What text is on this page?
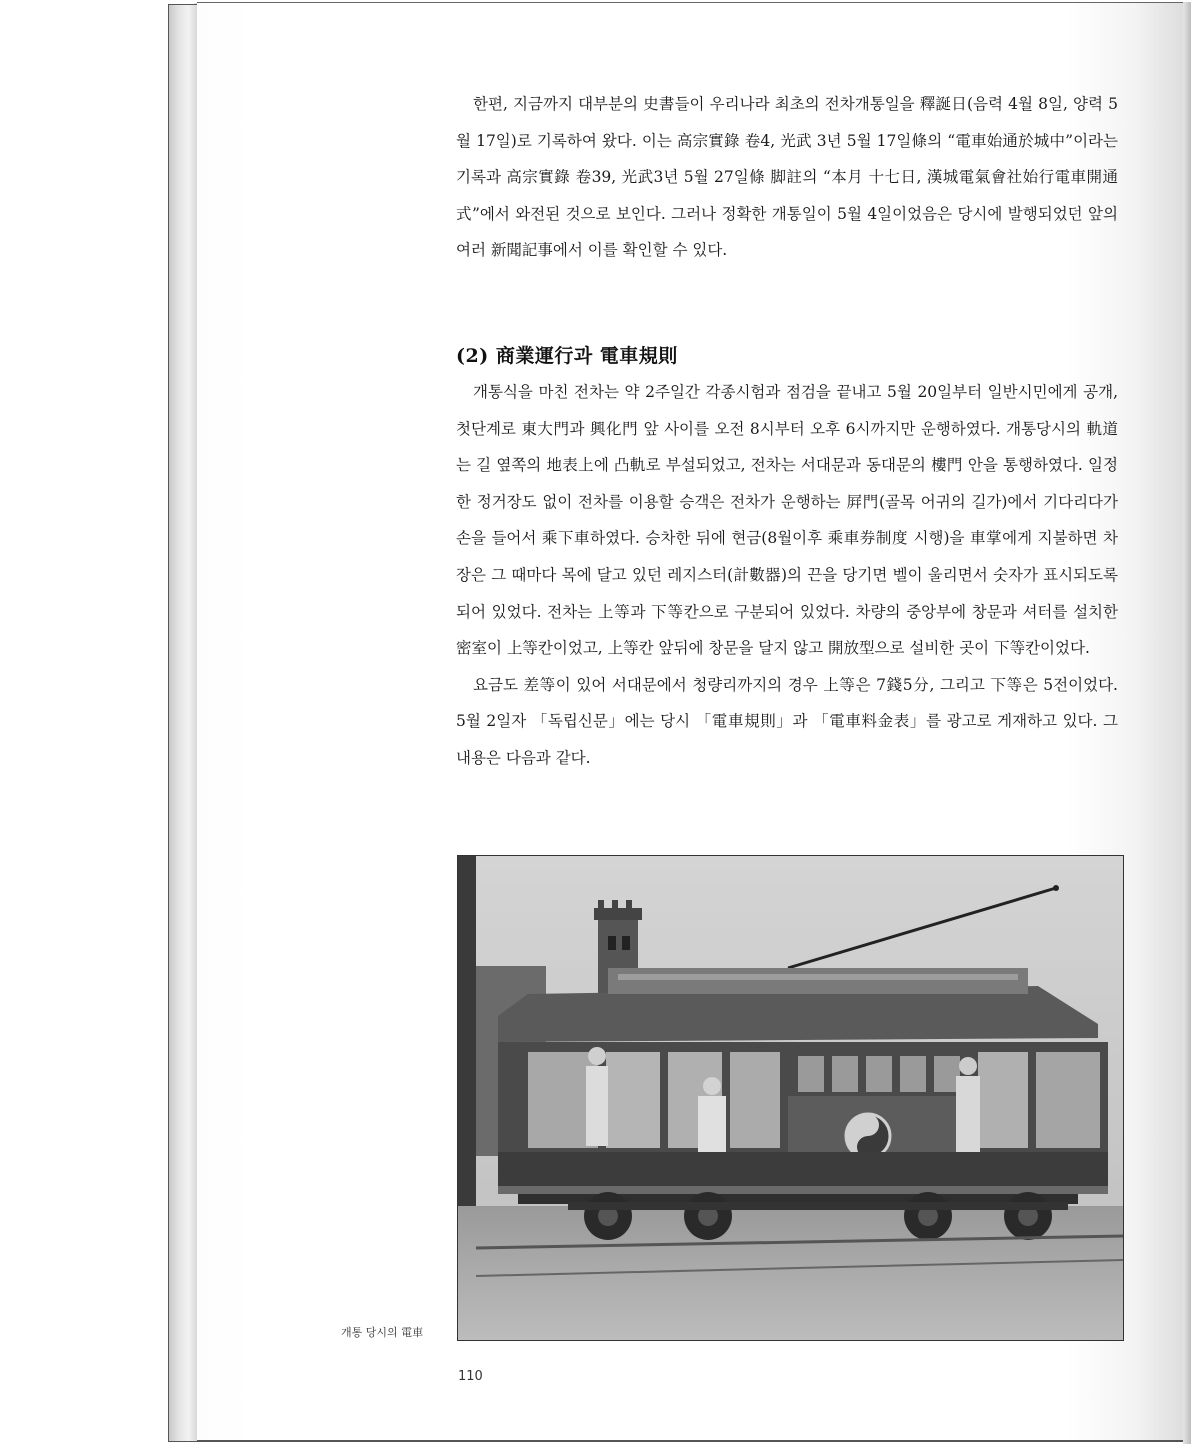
한편, 지금까지 대부분의 史書들이 우리나라 최초의 전차개통일을 釋誕日(음력 4월 8일, 양력 5월 17일)로 기록하여 왔다. 이는 高宗實錄 卷4, 光武 3년 5월 17일條의 “電車始通於城中”이라는 기록과 高宗實錄 卷39, 光武3년 5월 27일條 脚註의 “本月 十七日, 漢城電氣會社始行電車開通式”에서 와전된 것으로 보인다. 그러나 정확한 개통일이 5월 4일이었음은 당시에 발행되었던 앞의 여러 新聞記事에서 이를 확인할 수 있다.

(2) 商業運行과 電車規則

개통식을 마친 전차는 약 2주일간 각종시험과 점검을 끝내고 5월 20일부터 일반시민에게 공개, 첫단계로 東大門과 興化門 앞 사이를 오전 8시부터 오후 6시까지만 운행하였다. 개통당시의 軌道는 길 옆쪽의 地表上에 凸軌로 부설되었고, 전차는 서대문과 동대문의 樓門 안을 통행하였다. 일정한 정거장도 없이 전차를 이용할 승객은 전차가 운행하는 屛門(골목 어귀의 길가)에서 기다리다가 손을 들어서 乘下車하였다. 승차한 뒤에 현금(8월이후 乘車券制度 시행)을 車掌에게 지불하면 차장은 그 때마다 목에 달고 있던 레지스터(計數器)의 끈을 당기면 벨이 울리면서 숫자가 표시되도록 되어 있었다. 전차는 上等과 下等칸으로 구분되어 있었다. 차량의 중앙부에 창문과 셔터를 설치한 密室이 上等칸이었고, 上等칸 앞뒤에 창문을 달지 않고 開放型으로 설비한 곳이 下等칸이었다.

요금도 差等이 있어 서대문에서 청량리까지의 경우 上等은 7錢5分, 그리고 下等은 5전이었다. 5월 2일자 「독립신문」에는 당시 「電車規則」과 「電車料金表」를 광고로 게재하고 있다. 그 내용은 다음과 같다.

개통 당시의 電車
110
